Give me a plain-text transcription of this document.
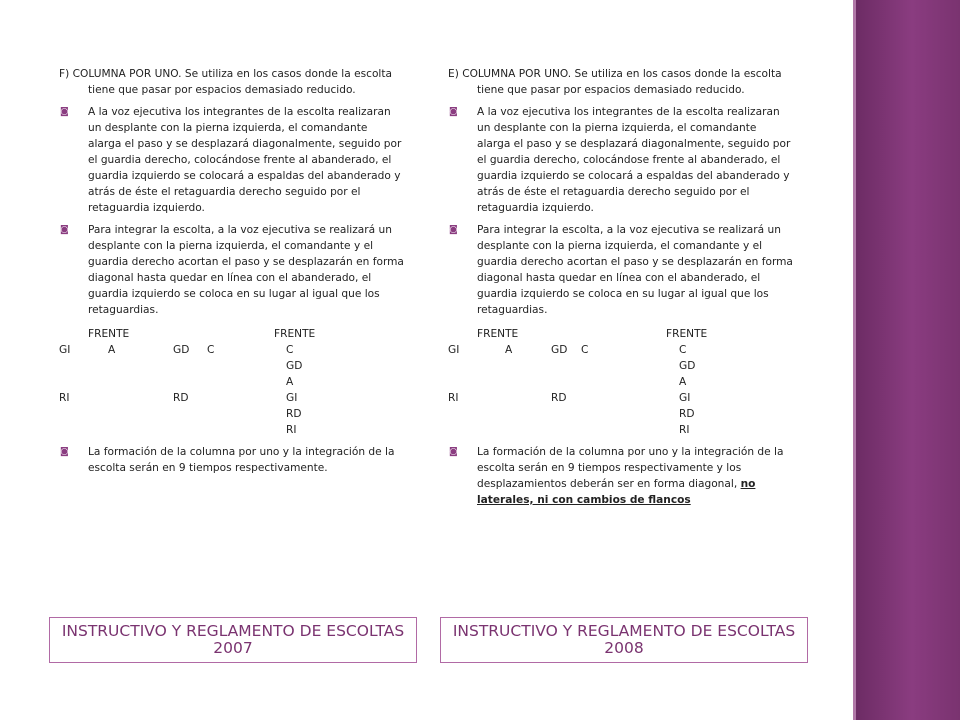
F) COLUMNA POR UNO. Se utiliza en los casos donde la escolta tiene que pasar por espacios demasiado reducido.
◙	A la voz ejecutiva los integrantes de la escolta realizaran un desplante con la pierna izquierda, el comandante alarga el paso y se desplazará diagonalmente, seguido por el guardia derecho, colocándose frente al abanderado, el guardia izquierdo se colocará a espaldas del abanderado y atrás de éste el retaguardia derecho seguido por el retaguardia izquierdo.
◙	Para integrar la escolta, a la voz ejecutiva se realizará un desplante con la pierna izquierda, el comandante y el guardia derecho acortan el paso y se desplazarán en forma diagonal hasta quedar en línea con el abanderado, el guardia izquierdo se coloca en su lugar al igual que los retaguardias.
FRENTE	FRENTE
GI	A	GD C
RI	RD
C
GD
A
GI
RD
RI
◙	La formación de la columna por uno y la integración de la escolta serán en 9 tiempos respectivamente.
E) COLUMNA POR UNO. Se utiliza en los casos donde la escolta tiene que pasar por espacios demasiado reducido.
◙	A la voz ejecutiva los integrantes de la escolta realizaran un desplante con la pierna izquierda, el comandante alarga el paso y se desplazará diagonalmente, seguido por el guardia derecho, colocándose frente al abanderado, el guardia izquierdo se colocará a espaldas del abanderado y atrás de éste el retaguardia derecho seguido por el retaguardia izquierdo.
◙	Para integrar la escolta, a la voz ejecutiva se realizará un desplante con la pierna izquierda, el comandante y el guardia derecho acortan el paso y se desplazarán en forma diagonal hasta quedar en línea con el abanderado, el guardia izquierdo se coloca en su lugar al igual que los retaguardias.
FRENTE	FRENTE
GI	A	GD C
RI	RD
C
GD
A
GI
RD
RI
◙	La formación de la columna por uno y la integración de la escolta serán en 9 tiempos respectivamente y los desplazamientos deberán ser en forma diagonal, no laterales, ni con cambios de flancos
INSTRUCTIVO Y REGLAMENTO DE ESCOLTAS 2007
INSTRUCTIVO Y REGLAMENTO DE ESCOLTAS 2008
